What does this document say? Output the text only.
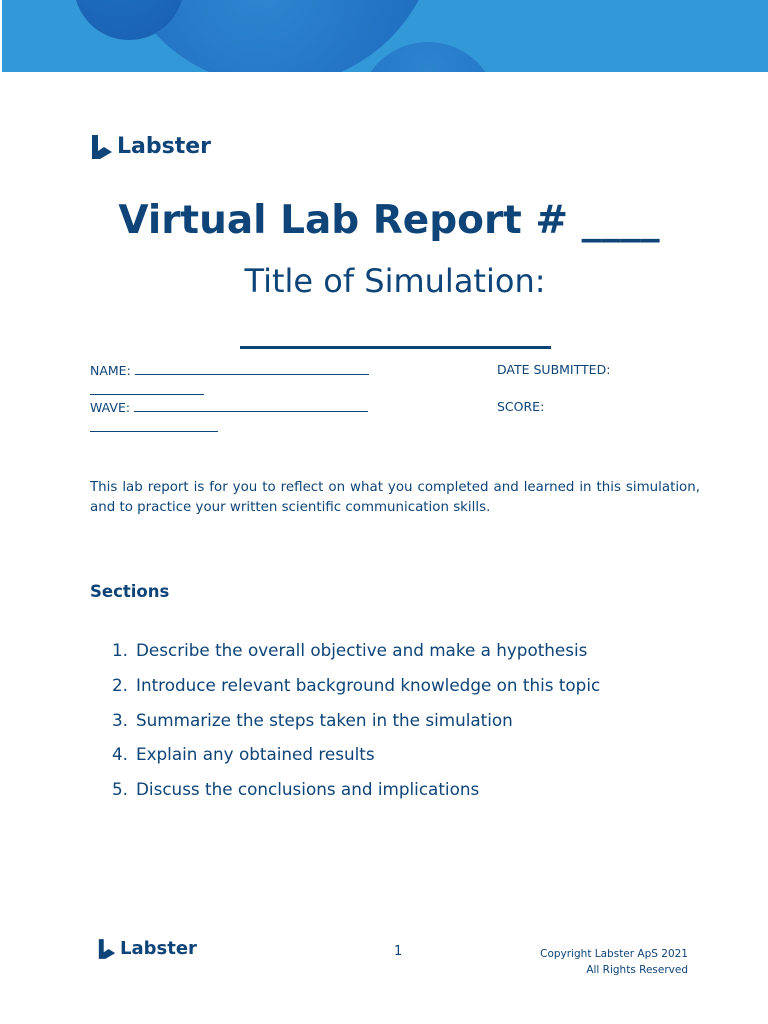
Labster
Virtual Lab Report # ____
Title of Simulation:
NAME:	DATE SUBMITTED:
WAVE:	SCORE:

This lab report is for you to reflect on what you completed and learned in this simulation, and to practice your written scientific communication skills.

Sections
1. Describe the overall objective and make a hypothesis
2. Introduce relevant background knowledge on this topic
3. Summarize the steps taken in the simulation
4. Explain any obtained results
5. Discuss the conclusions and implications
Labster	1	Copyright Labster ApS 2021
All Rights Reserved
